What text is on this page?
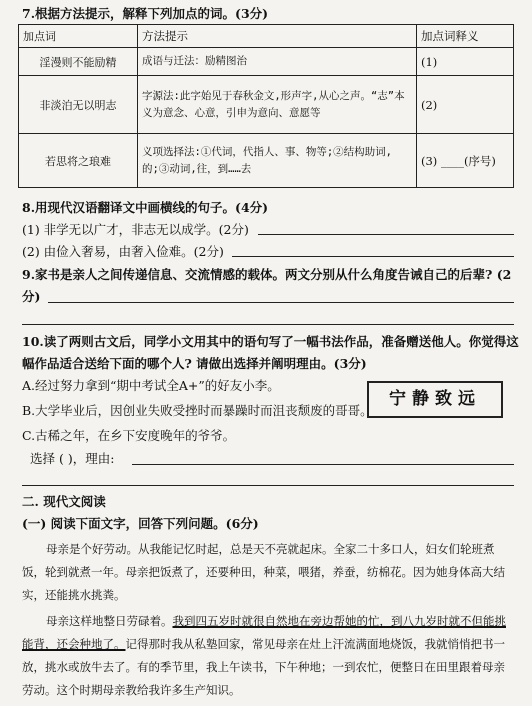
7.根据方法提示，解释下列加点的词。(3分)
加点词	方法提示	加点词释义
淫漫则不能励精	成语与迁法：励精图治	(1)
非淡泊无以明志	字源法:此字始见于春秋金文,形声字,从心之声。“志”本义为意念、心意，引申为意向、意愿等	(2)
若思将之琅难	义项选择法:①代词，代指人、事、物等;②结构助词,的;③动词,往，到……去	(3) ____(序号)
8.用现代汉语翻译文中画横线的句子。(4分)
(1) 非学无以广才，非志无以成学。(2分)
(2) 由俭入奢易，由奢入俭难。(2分)
9.家书是亲人之间传递信息、交流情感的载体。两文分别从什么角度告诫自己的后辈? (2
分)
10.读了两则古文后，同学小文用其中的语句写了一幅书法作品，准备赠送他人。你觉得这
幅作品适合送给下面的哪个人? 请做出选择并阐明理由。(3分)
A.经过努力拿到“期中考试全A+”的好友小李。
B.大学毕业后，因创业失败受挫时而暴躁时而沮丧颓废的哥哥。
C.古稀之年，在乡下安度晚年的爷爷。
宁静致远
选择 ( )，理由:
二. 现代文阅读
(一) 阅读下面文字，回答下列问题。(6分)
母亲是个好劳动。从我能记忆时起，总是天不亮就起床。全家二十多口人，妇女们轮班煮饭，轮到就煮一年。母亲把饭煮了，还要种田，种菜，喂猪，养蚕，纺棉花。因为她身体高大结实，还能挑水挑粪。
母亲这样地整日劳碌着。我到四五岁时就很自然地在旁边帮她的忙，到八九岁时就不但能挑能背，还会种地了。记得那时我从私塾回家，常见母亲在灶上汗流满面地烧饭，我就悄悄把书一放，挑水或放牛去了。有的季节里，我上午读书，下午种地；一到农忙，便整日在田里跟着母亲劳动。这个时期母亲教给我许多生产知识。
